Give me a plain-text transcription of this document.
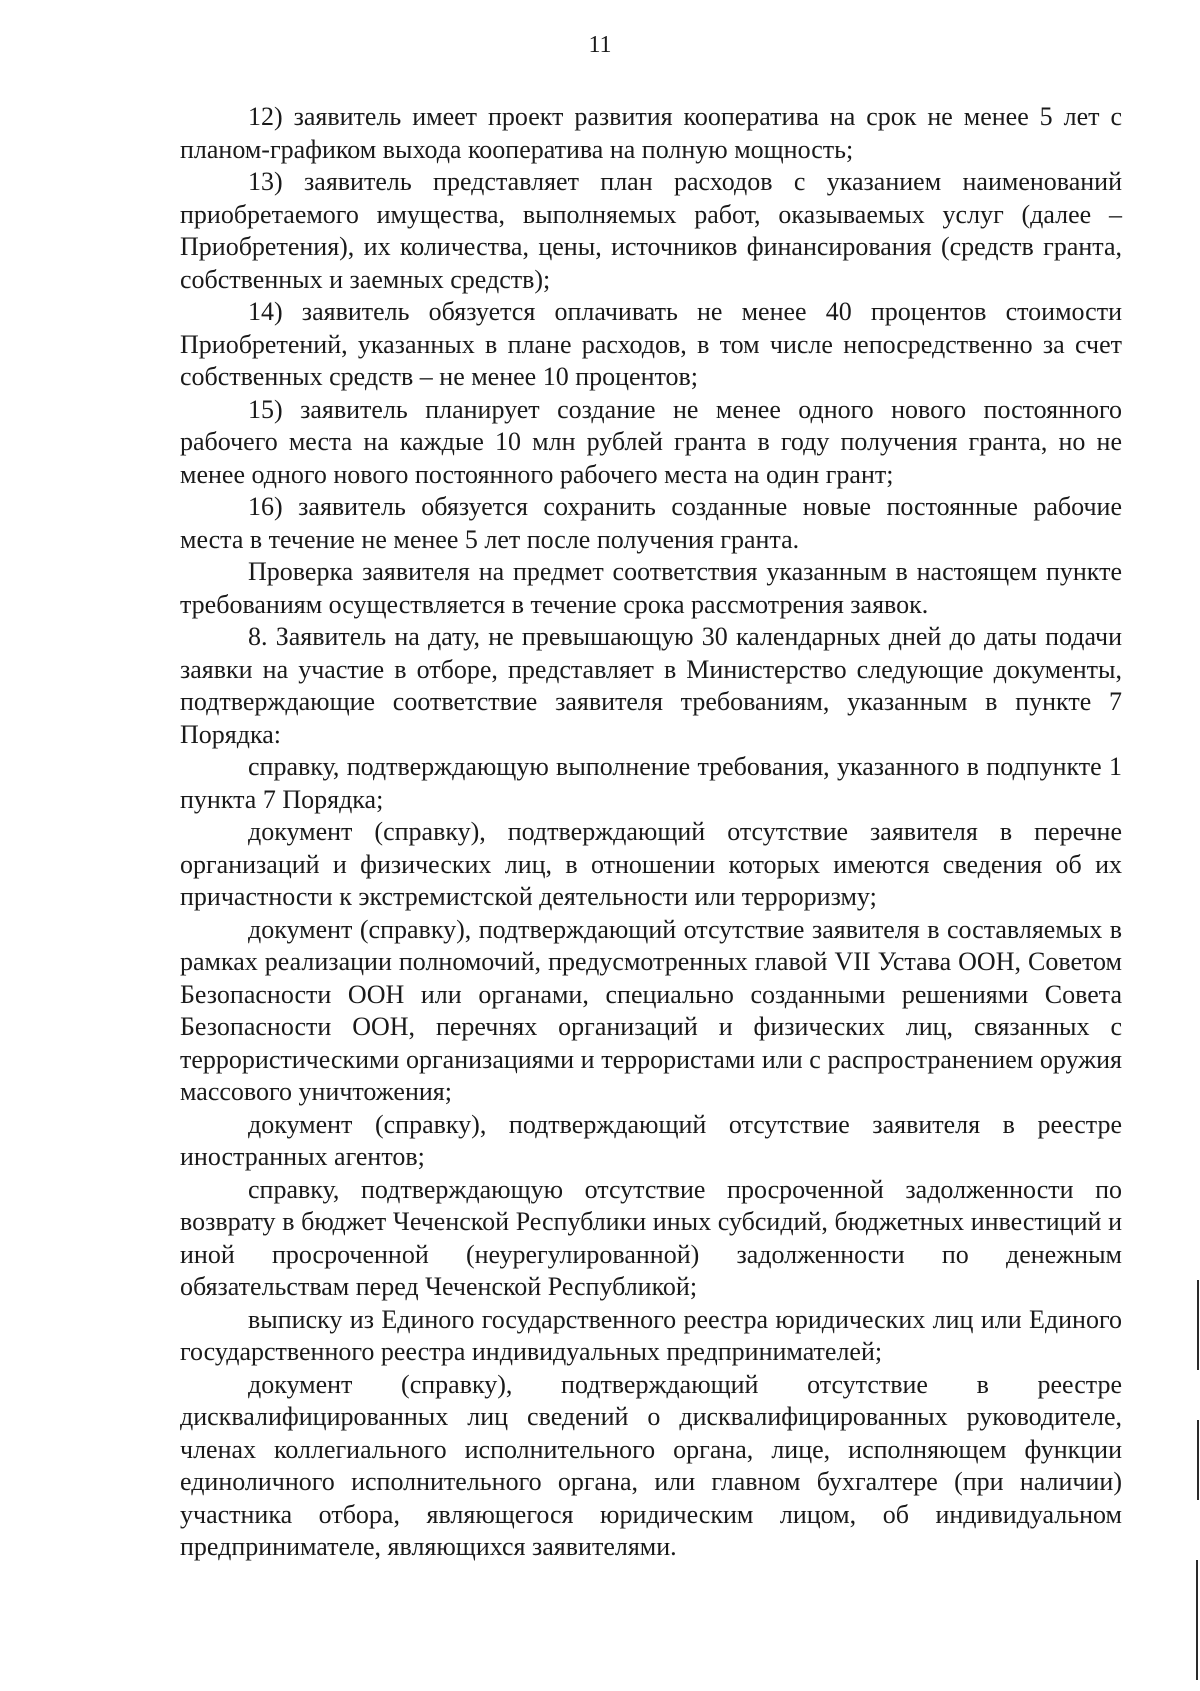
11

12) заявитель имеет проект развития кооператива на срок не менее 5 лет с планом-графиком выхода кооператива на полную мощность;

13) заявитель представляет план расходов с указанием наименований приобретаемого имущества, выполняемых работ, оказываемых услуг (далее – Приобретения), их количества, цены, источников финансирования (средств гранта, собственных и заемных средств);

14) заявитель обязуется оплачивать не менее 40 процентов стоимости Приобретений, указанных в плане расходов, в том числе непосредственно за счет собственных средств – не менее 10 процентов;

15) заявитель планирует создание не менее одного нового постоянного рабочего места на каждые 10 млн рублей гранта в году получения гранта, но не менее одного нового постоянного рабочего места на один грант;

16) заявитель обязуется сохранить созданные новые постоянные рабочие места в течение не менее 5 лет после получения гранта.

Проверка заявителя на предмет соответствия указанным в настоящем пункте требованиям осуществляется в течение срока рассмотрения заявок.

8. Заявитель на дату, не превышающую 30 календарных дней до даты подачи заявки на участие в отборе, представляет в Министерство следующие документы, подтверждающие соответствие заявителя требованиям, указанным в пункте 7 Порядка:

справку, подтверждающую выполнение требования, указанного в подпункте 1 пункта 7 Порядка;

документ (справку), подтверждающий отсутствие заявителя в перечне организаций и физических лиц, в отношении которых имеются сведения об их причастности к экстремистской деятельности или терроризму;

документ (справку), подтверждающий отсутствие заявителя в составляемых в рамках реализации полномочий, предусмотренных главой VII Устава ООН, Советом Безопасности ООН или органами, специально созданными решениями Совета Безопасности ООН, перечнях организаций и физических лиц, связанных с террористическими организациями и террористами или с распространением оружия массового уничтожения;

документ (справку), подтверждающий отсутствие заявителя в реестре иностранных агентов;

справку, подтверждающую отсутствие просроченной задолженности по возврату в бюджет Чеченской Республики иных субсидий, бюджетных инвестиций и иной просроченной (неурегулированной) задолженности по денежным обязательствам перед Чеченской Республикой;

выписку из Единого государственного реестра юридических лиц или Единого государственного реестра индивидуальных предпринимателей;

документ (справку), подтверждающий отсутствие в реестре дисквалифицированных лиц сведений о дисквалифицированных руководителе, членах коллегиального исполнительного органа, лице, исполняющем функции единоличного исполнительного органа, или главном бухгалтере (при наличии) участника отбора, являющегося юридическим лицом, об индивидуальном предпринимателе, являющихся заявителями.
